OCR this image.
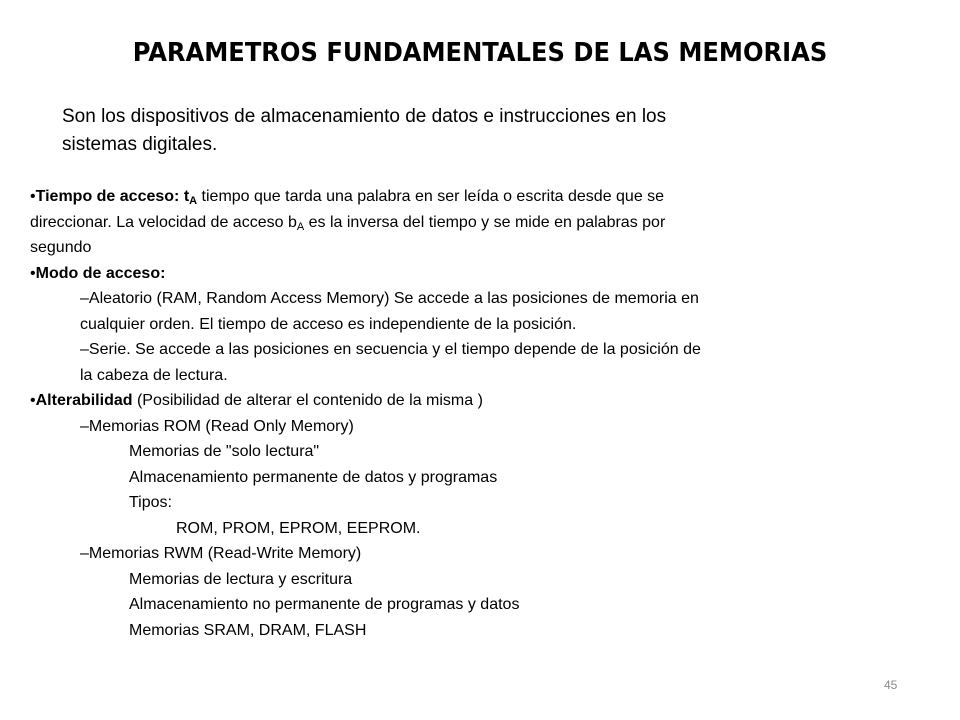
PARAMETROS FUNDAMENTALES DE LAS MEMORIAS
Son los dispositivos de almacenamiento de datos e instrucciones en los
sistemas digitales.
•Tiempo de acceso: $t_A$ tiempo que tarda una palabra en ser leída o escrita desde que se
direccionar. La velocidad de acceso $b_A$ es la inversa del tiempo y se mide en palabras por
segundo
•Modo de acceso:
–Aleatorio (RAM, Random Access Memory) Se accede a las posiciones de memoria en
cualquier orden. El tiempo de acceso es independiente de la posición.
–Serie. Se accede a las posiciones en secuencia y el tiempo depende de la posición de
la cabeza de lectura.
•Alterabilidad (Posibilidad de alterar el contenido de la misma )
–Memorias ROM (Read Only Memory)
Memorias de "solo lectura"
Almacenamiento permanente de datos y programas
Tipos:
ROM, PROM, EPROM, EEPROM.
–Memorias RWM (Read-Write Memory)
Memorias de lectura y escritura
Almacenamiento no permanente de programas y datos
Memorias SRAM, DRAM, FLASH
45
